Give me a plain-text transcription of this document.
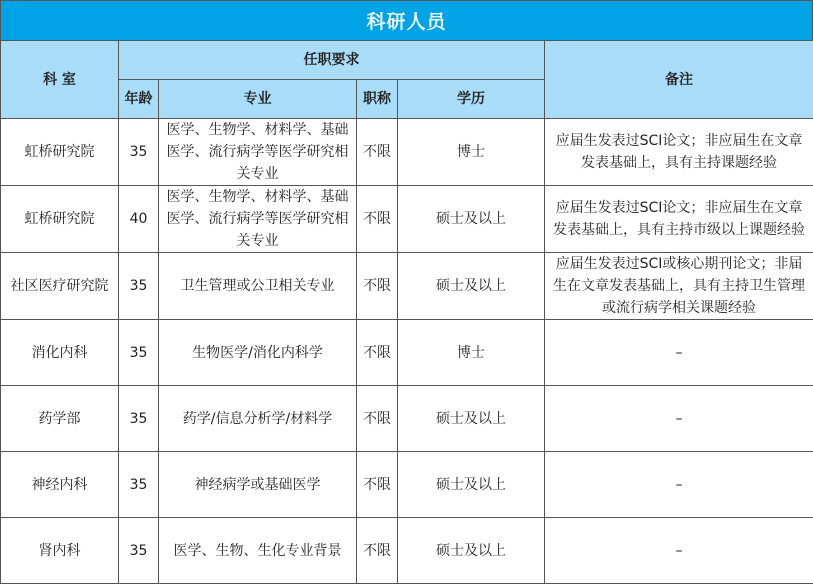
科研人员
科 室	任职要求				备注
	年龄	专业	职称	学历	
虹桥研究院	35	医学、生物学、材料学、基础医学、流行病学等医学研究相关专业	不限	博士	应届生发表过SCI论文；非应届生在文章发表基础上，具有主持课题经验
虹桥研究院	40	医学、生物学、材料学、基础医学、流行病学等医学研究相关专业	不限	硕士及以上	应届生发表过SCI论文；非应届生在文章发表基础上，具有主持市级以上课题经验
社区医疗研究院	35	卫生管理或公卫相关专业	不限	硕士及以上	应届生发表过SCI或核心期刊论文；非届生在文章发表基础上，具有主持卫生管理或流行病学相关课题经验
消化内科	35	生物医学/消化内科学	不限	博士	–
药学部	35	药学/信息分析学/材料学	不限	硕士及以上	–
神经内科	35	神经病学或基础医学	不限	硕士及以上	–
肾内科	35	医学、生物、生化专业背景	不限	硕士及以上	–
